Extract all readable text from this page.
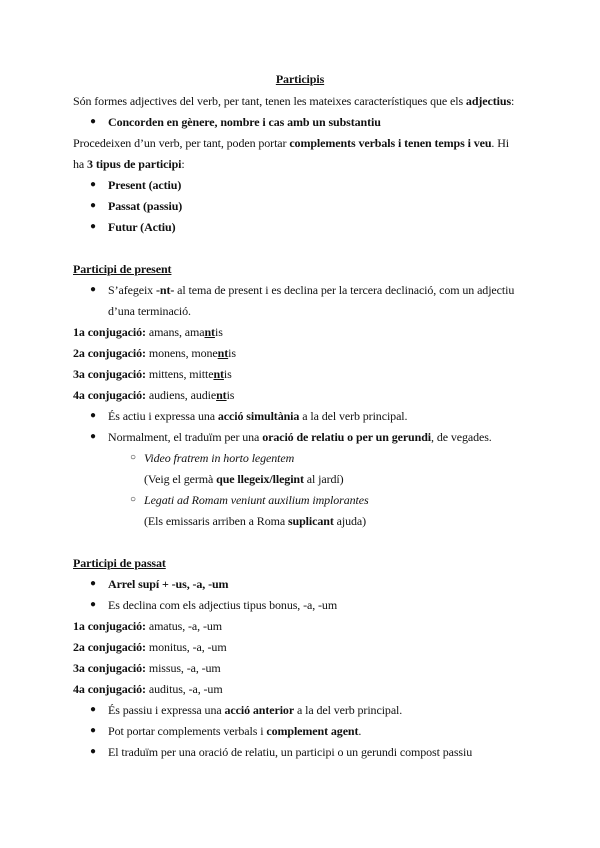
Participis
Són formes adjectives del verb, per tant, tenen les mateixes característiques que els adjectius:
● Concorden en gènere, nombre i cas amb un substantiu
Procedeixen d’un verb, per tant, poden portar complements verbals i tenen temps i veu. Hi
ha 3 tipus de participi:
● Present (actiu)
● Passat (passiu)
● Futur (Actiu)
Participi de present
● S’afegeix -nt- al tema de present i es declina per la tercera declinació, com un adjectiu
d’una terminació.
1a conjugació: amans, amantis
2a conjugació: monens, monentis
3a conjugació: mittens, mittentis
4a conjugació: audiens, audientis
● És actiu i expressa una acció simultània a la del verb principal.
● Normalment, el traduïm per una oració de relatiu o per un gerundi, de vegades.
○ Video fratrem in horto legentem
(Veig el germà que llegeix/llegint al jardí)
○ Legati ad Romam veniunt auxilium implorantes
(Els emissaris arriben a Roma suplicant ajuda)
Participi de passat
● Arrel supí + -us, -a, -um
● Es declina com els adjectius tipus bonus, -a, -um
1a conjugació: amatus, -a, -um
2a conjugació: monitus, -a, -um
3a conjugació: missus, -a, -um
4a conjugació: auditus, -a, -um
● És passiu i expressa una acció anterior a la del verb principal.
● Pot portar complements verbals i complement agent.
● El traduïm per una oració de relatiu, un participi o un gerundi compost passiu
